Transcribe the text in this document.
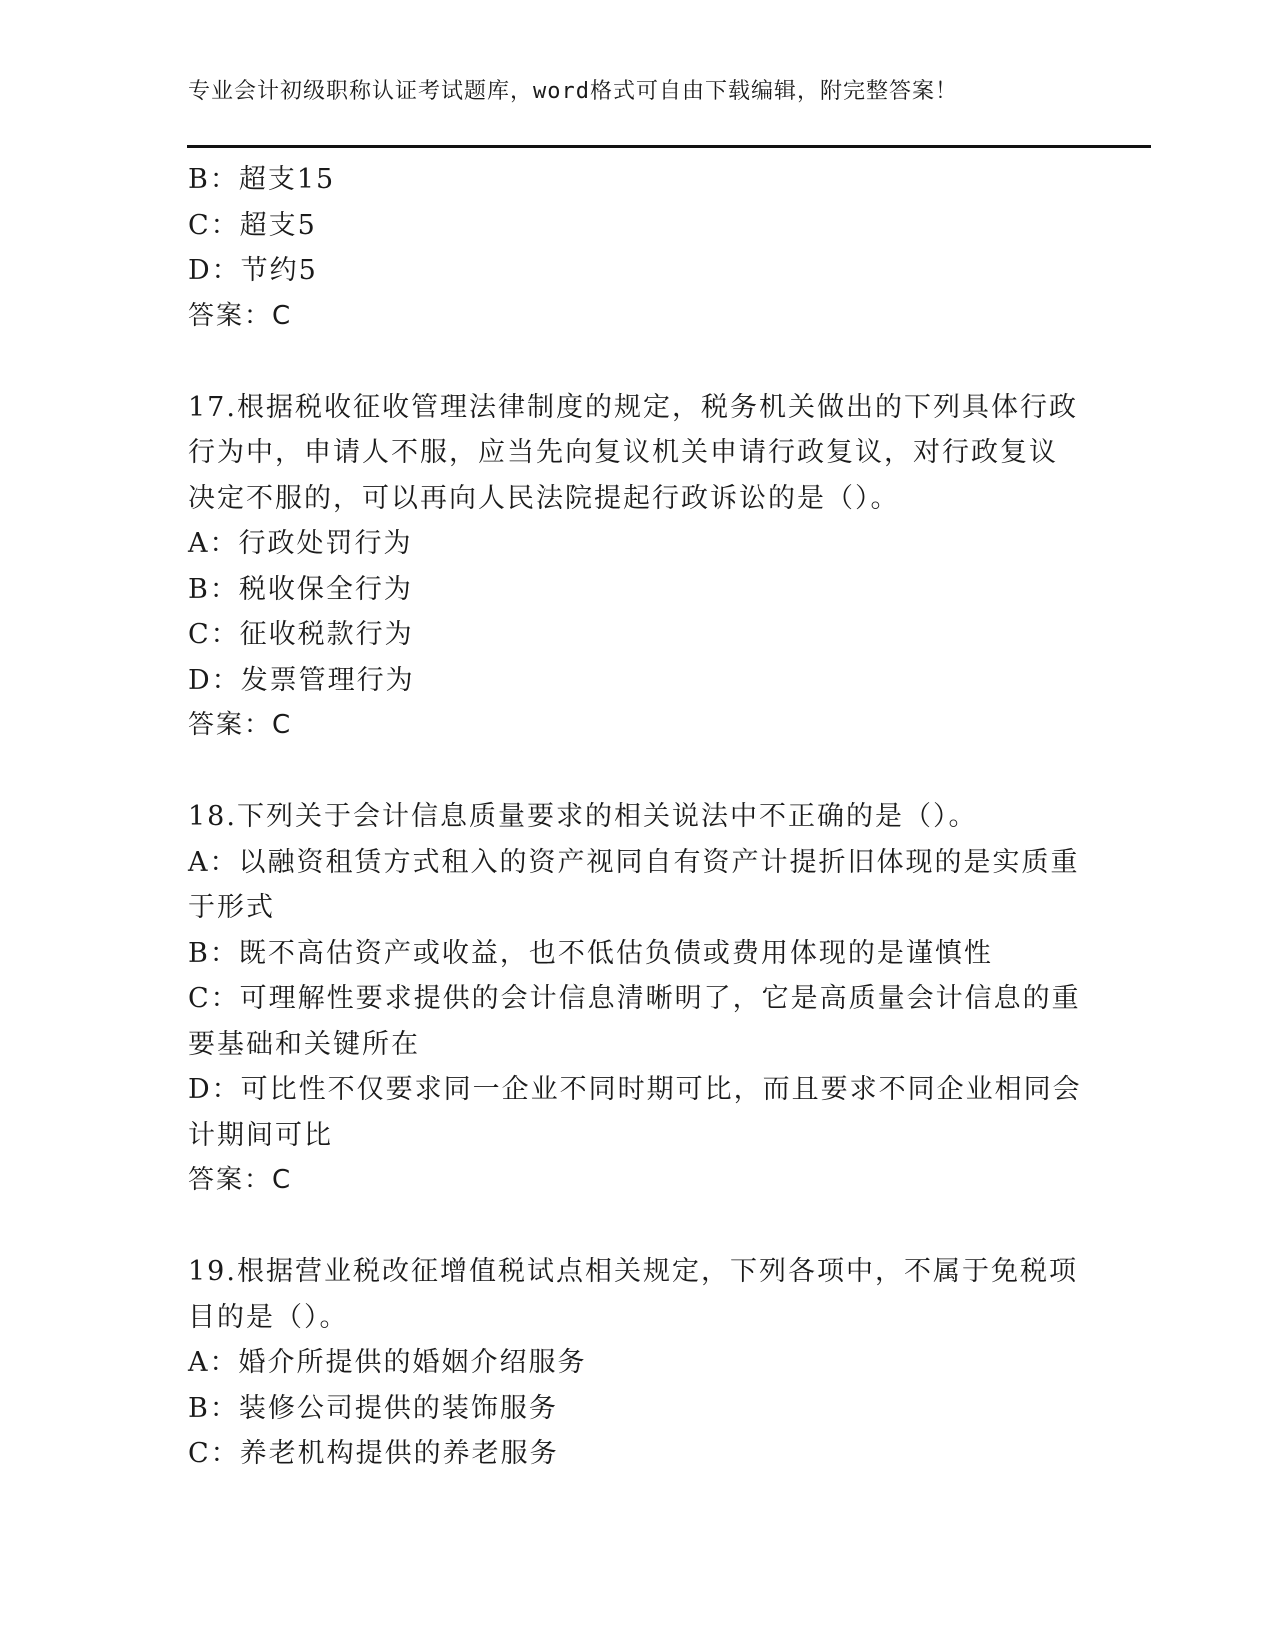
专业会计初级职称认证考试题库，word格式可自由下载编辑，附完整答案！
B：超支15
C：超支5
D：节约5
答案：C
17.根据税收征收管理法律制度的规定，税务机关做出的下列具体行政
行为中，申请人不服，应当先向复议机关申请行政复议，对行政复议
决定不服的，可以再向人民法院提起行政诉讼的是（）。
A：行政处罚行为
B：税收保全行为
C：征收税款行为
D：发票管理行为
答案：C
18.下列关于会计信息质量要求的相关说法中不正确的是（）。
A：以融资租赁方式租入的资产视同自有资产计提折旧体现的是实质重
于形式
B：既不高估资产或收益，也不低估负债或费用体现的是谨慎性
C：可理解性要求提供的会计信息清晰明了，它是高质量会计信息的重
要基础和关键所在
D：可比性不仅要求同一企业不同时期可比，而且要求不同企业相同会
计期间可比
答案：C
19.根据营业税改征增值税试点相关规定，下列各项中，不属于免税项
目的是（）。
A：婚介所提供的婚姻介绍服务
B：装修公司提供的装饰服务
C：养老机构提供的养老服务
